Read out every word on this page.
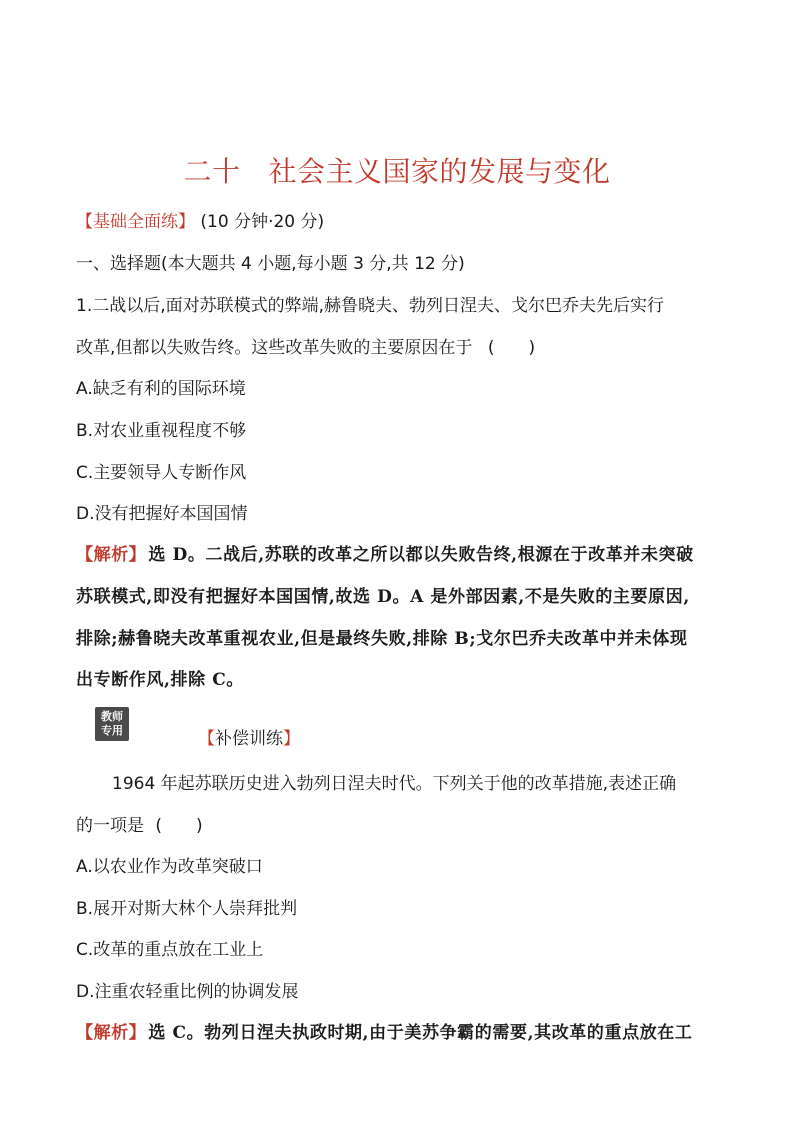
二十 社会主义国家的发展与变化
【基础全面练】 (10 分钟·20 分)
一、选择题(本大题共 4 小题,每小题 3 分,共 12 分)
1.二战以后,面对苏联模式的弊端,赫鲁晓夫、勃列日涅夫、戈尔巴乔夫先后实行
改革,但都以失败告终。这些改革失败的主要原因在于 ( )
A.缺乏有利的国际环境
B.对农业重视程度不够
C.主要领导人专断作风
D.没有把握好本国国情
【解析】 选 D。二战后,苏联的改革之所以都以失败告终,根源在于改革并未突破
苏联模式,即没有把握好本国国情,故选 D。A 是外部因素,不是失败的主要原因,
排除;赫鲁晓夫改革重视农业,但是最终失败,排除 B;戈尔巴乔夫改革中并未体现
出专断作风,排除 C。
教师
专用	【补偿训练】
1964 年起苏联历史进入勃列日涅夫时代。下列关于他的改革措施,表述正确
的一项是 ( )
A.以农业作为改革突破口
B.展开对斯大林个人崇拜批判
C.改革的重点放在工业上
D.注重农轻重比例的协调发展
【解析】 选 C。勃列日涅夫执政时期,由于美苏争霸的需要,其改革的重点放在工
